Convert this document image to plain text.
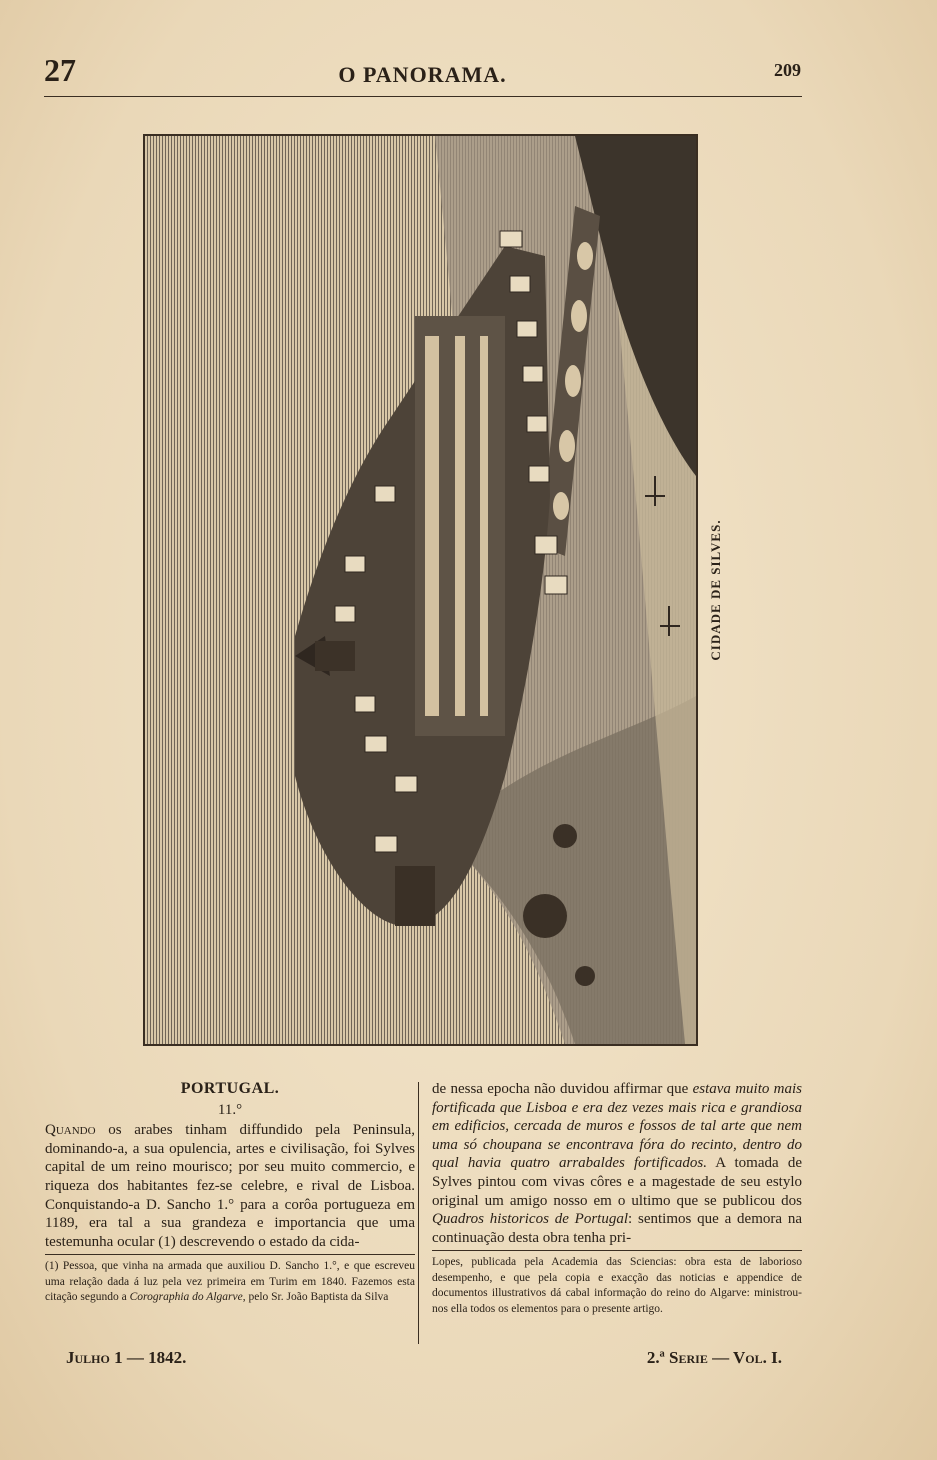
27	O PANORAMA.	209
CIDADE DE SILVES.
PORTUGAL.
11.°

Quando os arabes tinham diffundido pela Peninsula, dominando-a, a sua opulencia, artes e civilisação, foi Sylves capital de um reino mourisco; por seu muito commercio, e riqueza dos habitantes fez-se celebre, e rival de Lisboa. Conquistando-a D. Sancho 1.° para a corôa portugueza em 1189, era tal a sua grandeza e importancia que uma testemunha ocular (1) descrevendo o estado da cida-

(1) Pessoa, que vinha na armada que auxiliou D. Sancho 1.°, e que escreveu uma relação dada á luz pela vez primeira em Turim em 1840. Fazemos esta citação segundo a Corographia do Algarve, pelo Sr. João Baptista da Silva

de nessa epocha não duvidou affirmar que estava muito mais fortificada que Lisboa e era dez vezes mais rica e grandiosa em edificios, cercada de muros e fossos de tal arte que nem uma só choupana se encontrava fóra do recinto, dentro do qual havia quatro arrabaldes fortificados. A tomada de Sylves pintou com vivas côres e a magestade de seu estylo original um amigo nosso em o ultimo que se publicou dos Quadros historicos de Portugal: sentimos que a demora na continuação desta obra tenha pri-

Lopes, publicada pela Academia das Sciencias: obra esta de laborioso desempenho, e que pela copia e exacção das noticias e appendice de documentos illustrativos dá cabal informação do reino do Algarve: ministrou-nos ella todos os elementos para o presente artigo.

Julho 1 — 1842.	2.ª Serie — Vol. I.
